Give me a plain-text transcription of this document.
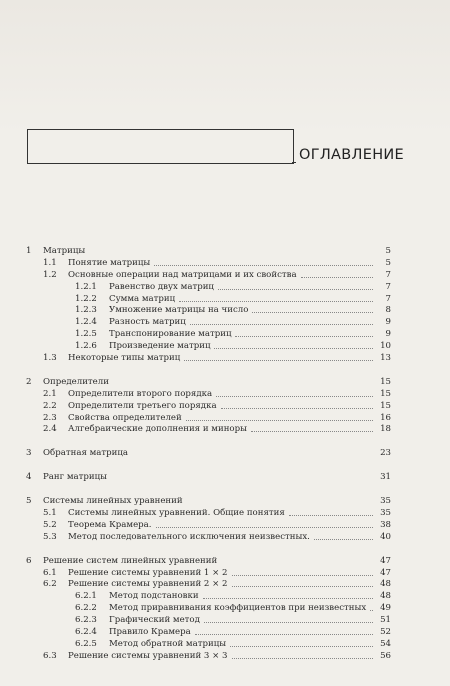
ОГЛАВЛЕНИЕ
1 Матрицы	5
1.1 Понятие матрицы	5
1.2 Основные операции над матрицами и их свойства	7
1.2.1 Равенство двух матриц	7
1.2.2 Сумма матриц	7
1.2.3 Умножение матрицы на число	8
1.2.4 Разность матриц	9
1.2.5 Транспонирование матриц	9
1.2.6 Произведение матриц	10
1.3 Некоторые типы матриц	13
2 Определители	15
2.1 Определители второго порядка	15
2.2 Определители третьего порядка	15
2.3 Свойства определителей	16
2.4 Алгебраические дополнения и миноры	18
3 Обратная матрица	23
4 Ранг матрицы	31
5 Системы линейных уравнений	35
5.1 Системы линейных уравнений. Общие понятия	35
5.2 Теорема Крамера.	38
5.3 Метод последовательного исключения неизвестных.	40
6 Решение систем линейных уравнений	47
6.1 Решение системы уравнений 1 × 2	47
6.2 Решение системы уравнений 2 × 2	48
6.2.1 Метод подстановки	48
6.2.2 Метод приравнивания коэффициентов при неизвестных 49
6.2.3 Графический метод	51
6.2.4 Правило Крамера	52
6.2.5 Метод обратной матрицы	54
6.3 Решение системы уравнений 3 × 3	56
